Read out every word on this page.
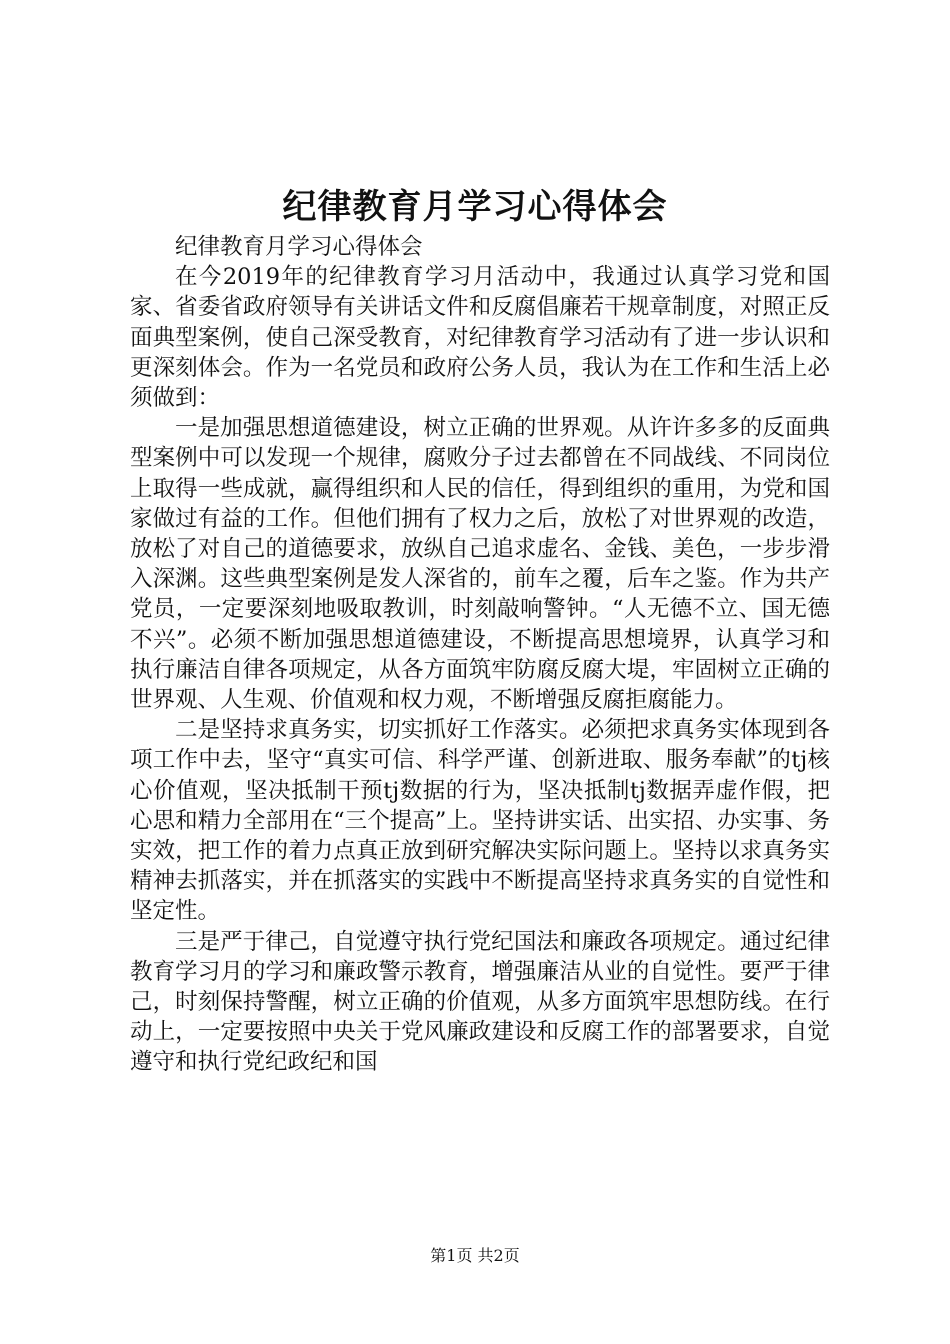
纪律教育月学习心得体会

纪律教育月学习心得体会

在今2019年的纪律教育学习月活动中，我通过认真学习党和国家、省委省政府领导有关讲话文件和反腐倡廉若干规章制度，对照正反面典型案例，使自己深受教育，对纪律教育学习活动有了进一步认识和更深刻体会。作为一名党员和政府公务人员，我认为在工作和生活上必须做到：

一是加强思想道德建设，树立正确的世界观。从许许多多的反面典型案例中可以发现一个规律，腐败分子过去都曾在不同战线、不同岗位上取得一些成就，赢得组织和人民的信任，得到组织的重用，为党和国家做过有益的工作。但他们拥有了权力之后，放松了对世界观的改造，放松了对自己的道德要求，放纵自己追求虚名、金钱、美色，一步步滑入深渊。这些典型案例是发人深省的，前车之覆，后车之鉴。作为共产党员，一定要深刻地吸取教训，时刻敲响警钟。“人无德不立、国无德不兴”。必须不断加强思想道德建设，不断提高思想境界，认真学习和执行廉洁自律各项规定，从各方面筑牢防腐反腐大堤，牢固树立正确的世界观、人生观、价值观和权力观，不断增强反腐拒腐能力。

二是坚持求真务实，切实抓好工作落实。必须把求真务实体现到各项工作中去，坚守“真实可信、科学严谨、创新进取、服务奉献”的tj核心价值观，坚决抵制干预tj数据的行为，坚决抵制tj数据弄虚作假，把心思和精力全部用在“三个提高”上。坚持讲实话、出实招、办实事、务实效，把工作的着力点真正放到研究解决实际问题上。坚持以求真务实精神去抓落实，并在抓落实的实践中不断提高坚持求真务实的自觉性和坚定性。

三是严于律己，自觉遵守执行党纪国法和廉政各项规定。通过纪律教育学习月的学习和廉政警示教育，增强廉洁从业的自觉性。要严于律己，时刻保持警醒，树立正确的价值观，从多方面筑牢思想防线。在行动上，一定要按照中央关于党风廉政建设和反腐工作的部署要求，自觉遵守和执行党纪政纪和国

第1页 共2页
